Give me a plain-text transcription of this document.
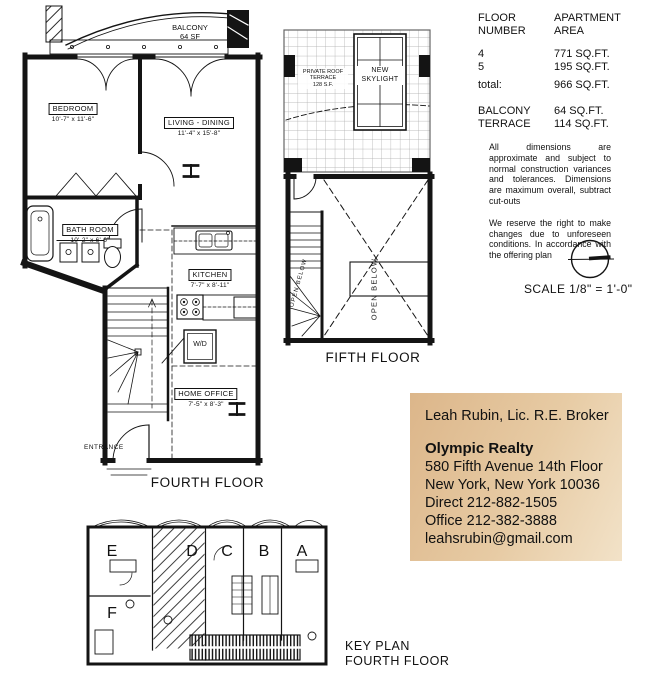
BALCONY
64 SF
BEDROOM
10'-7" x 11'-6"	LIVING - DINING
11'-4" x 15'-8"
BATH ROOM
10'-2" x 6'-6"
KITCHEN
7'-7" x 8'-11"
HOME OFFICE
7'-5" x 8'-3"
W/D
ENTRANCE
FOURTH FLOOR
PRIVATE ROOF
TERRACE
128 S.F.
NEW
SKYLIGHT
OPEN BELOW	OPEN BELOW
FIFTH FLOOR
E	D C B A
F
KEY PLAN
FOURTH FLOOR
FLOOR	APARTMENT
NUMBER	AREA
4	771 SQ.FT.
5	195 SQ.FT.
total:	966 SQ.FT.
BALCONY	64 SQ.FT.
TERRACE	114 SQ.FT.

All dimensions are approximate and subject to normal construction variances and tolerances. Dimensions are maximum overall, subtract cut-outs

We reserve the right to make changes due to unforeseen conditions. In accordance with the offering plan

SCALE 1/8" = 1'-0"
Leah Rubin, Lic. R.E. Broker
Olympic Realty
580 Fifth Avenue 14th Floor
New York, New York 10036
Direct 212-882-1505
Office 212-382-3888
leahsrubin@gmail.com
